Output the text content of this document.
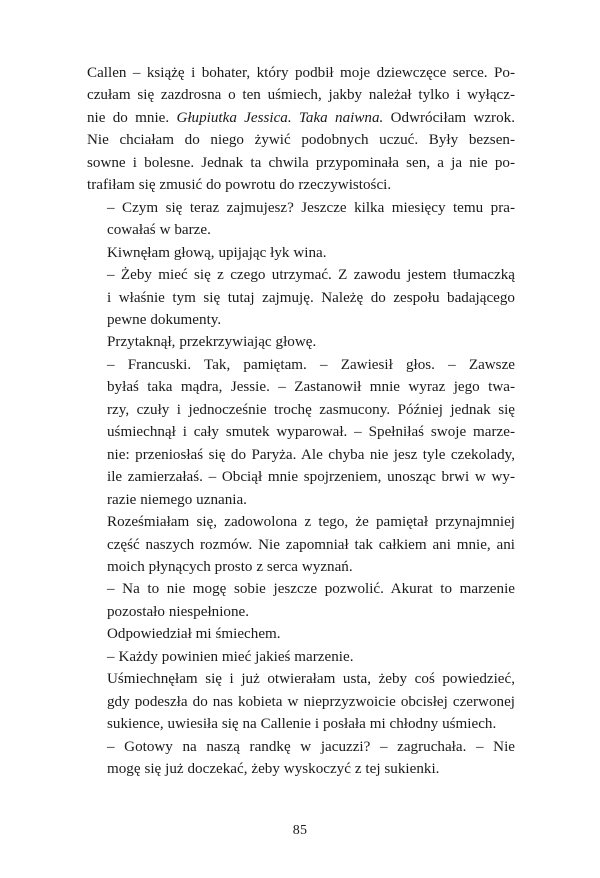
Callen – książę i bohater, który podbił moje dziewczęce serce. Po-
czułam się zazdrosna o ten uśmiech, jakby należał tylko i wyłącz-
nie do mnie. Głupiutka Jessica. Taka naiwna. Odwróciłam wzrok.
Nie chciałam do niego żywić podobnych uczuć. Były bezsen-
sowne i bolesne. Jednak ta chwila przypominała sen, a ja nie po-
trafiłam się zmusić do powrotu do rzeczywistości.

– Czym się teraz zajmujesz? Jeszcze kilka miesięcy temu pra-
cowałaś w barze.

Kiwnęłam głową, upijając łyk wina.

– Żeby mieć się z czego utrzymać. Z zawodu jestem tłumaczką
i właśnie tym się tutaj zajmuję. Należę do zespołu badającego
pewne dokumenty.

Przytaknął, przekrzywiając głowę.

– Francuski. Tak, pamiętam. – Zawiesił głos. – Zawsze
byłaś taka mądra, Jessie. – Zastanowił mnie wyraz jego twa-
rzy, czuły i jednocześnie trochę zasmucony. Później jednak się
uśmiechnął i cały smutek wyparował. – Spełniłaś swoje marze-
nie: przeniosłaś się do Paryża. Ale chyba nie jesz tyle czekolady,
ile zamierzałaś. – Obciął mnie spojrzeniem, unosząc brwi w wy-
razie niemego uznania.

Roześmiałam się, zadowolona z tego, że pamiętał przynajmniej
część naszych rozmów. Nie zapomniał tak całkiem ani mnie, ani
moich płynących prosto z serca wyznań.

– Na to nie mogę sobie jeszcze pozwolić. Akurat to marzenie
pozostało niespełnione.

Odpowiedział mi śmiechem.

– Każdy powinien mieć jakieś marzenie.

Uśmiechnęłam się i już otwierałam usta, żeby coś powiedzieć,
gdy podeszła do nas kobieta w nieprzyzwoicie obcisłej czerwonej
sukience, uwiesiła się na Callenie i posłała mi chłodny uśmiech.

– Gotowy na naszą randkę w jacuzzi? – zagruchała. – Nie
mogę się już doczekać, żeby wyskoczyć z tej sukienki.

85
